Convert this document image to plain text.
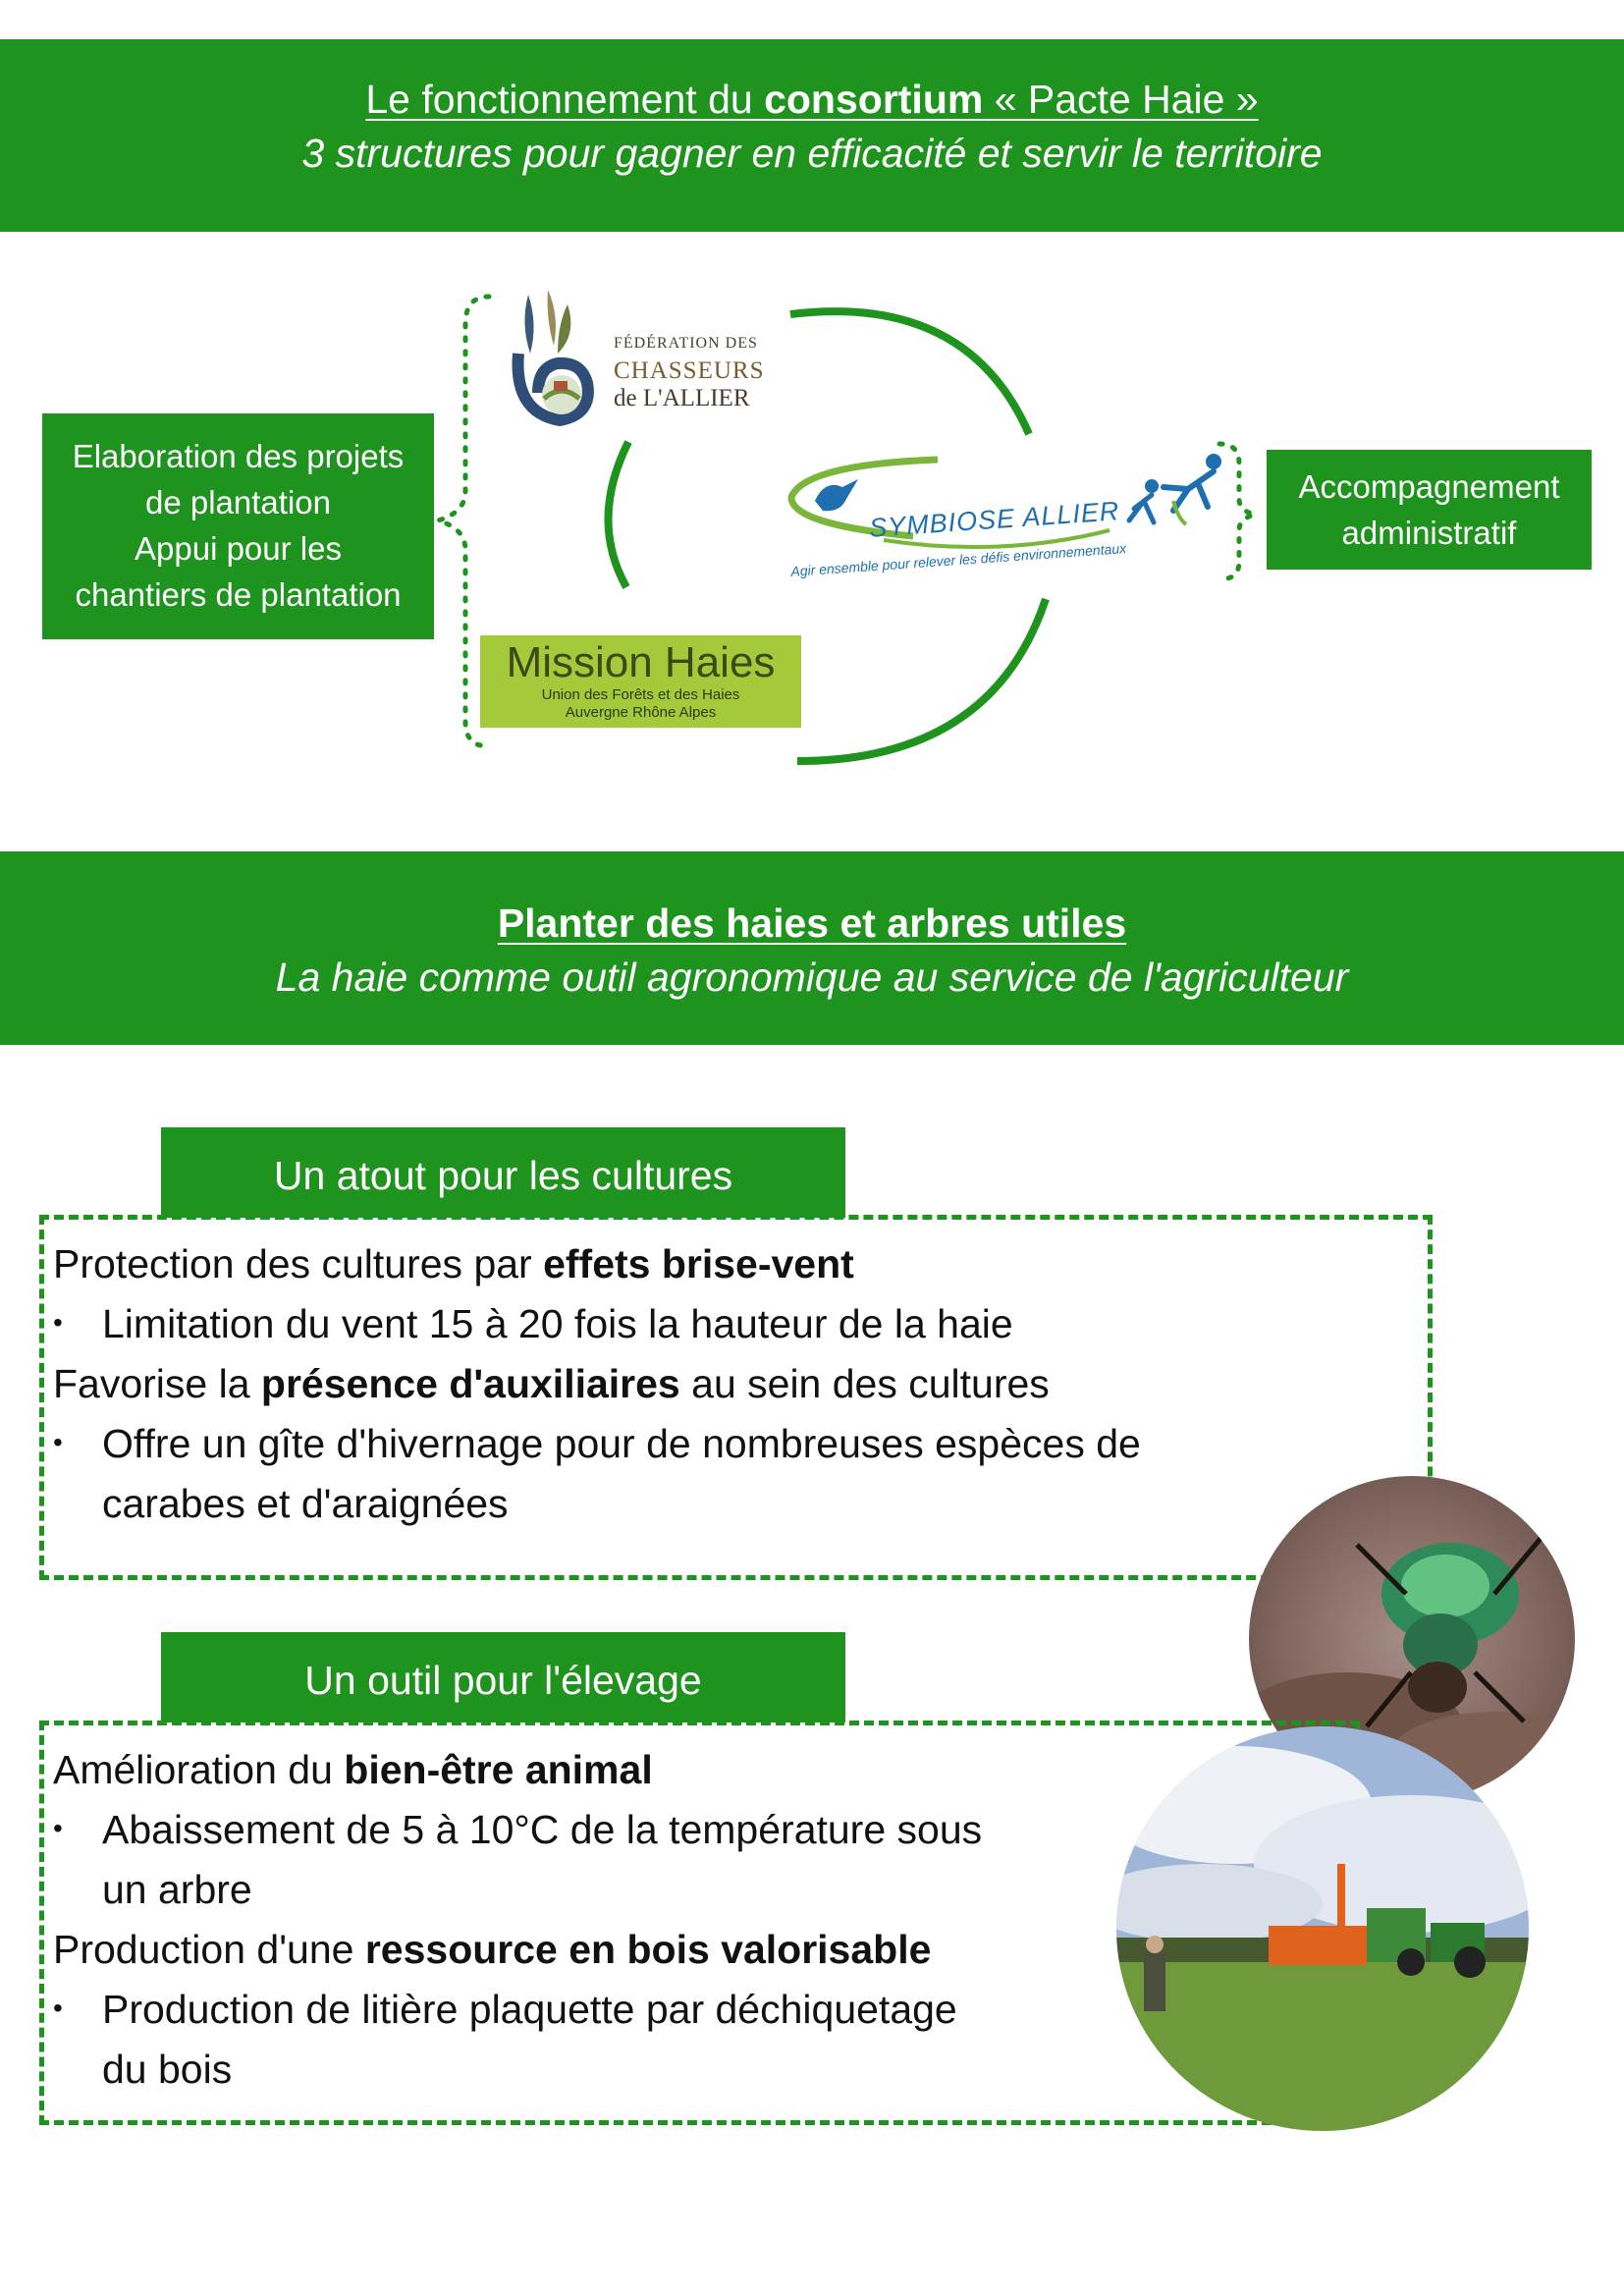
Le fonctionnement du consortium « Pacte Haie »
3 structures pour gagner en efficacité et servir le territoire
Elaboration des projets
de plantation
Appui pour les
chantiers de plantation
Accompagnement
administratif
FÉDÉRATION DES
CHASSEURS
de L'ALLIER
SYMBIOSE ALLIER
Agir ensemble pour relever les défis environnementaux
Mission Haies
Union des Forêts et des Haies
Auvergne Rhône Alpes
Planter des haies et arbres utiles
La haie comme outil agronomique au service de l'agriculteur
Un atout pour les cultures
Protection des cultures par effets brise-vent
• Limitation du vent 15 à 20 fois la hauteur de la haie
Favorise la présence d'auxiliaires au sein des cultures
• Offre un gîte d'hivernage pour de nombreuses espèces de
carabes et d'araignées
Un outil pour l'élevage
Amélioration du bien-être animal
• Abaissement de 5 à 10°C de la température sous
un arbre
Production d'une ressource en bois valorisable
• Production de litière plaquette par déchiquetage
du bois
